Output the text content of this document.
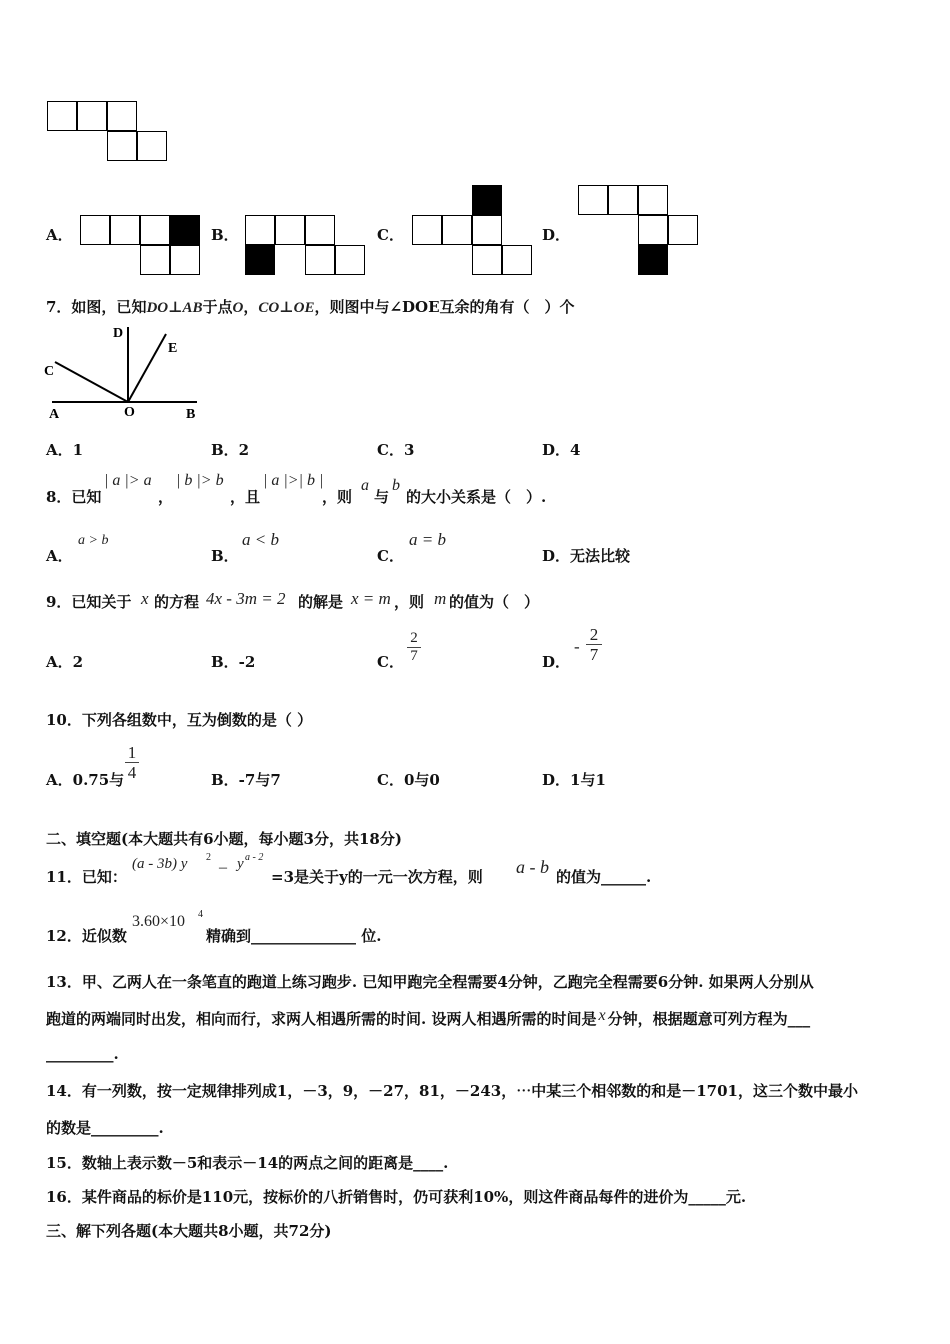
A．	B．	C．	D．
7．如图，已知DO⊥AB于点O，CO⊥OE，则图中与∠DOE互余的角有（　）个
D
E
C
A	O	B
A．1	B．2	C．3	D．4
8．已知
| a |> a
，
| b |> b
，且
| a |>| b |
，则
a
与
b
的大小关系是（　）.
A．
a > b
B．
a < b
C．
a = b
D．无法比较
9．已知关于 x 的方程 4x - 3m = 2 的解是 x = m ，则 m 的值为（　）
A．2	B．-2	C．
2
7	D．
-
2
7
10．下列各组数中，互为倒数的是（ ）
A．0.75与
1
4	B．-7与7	C．0与0	D．1与1
二、填空题(本大题共有6小题，每小题3分，共18分)
11．已知：
(a - 3b) y 2
– y a - 2
=3是关于y的一元一次方程，则 a - b 的值为______.
12．近似数
3.60×10 4
精确到______________ 位.
13．甲、乙两人在一条笔直的跑道上练习跑步. 已知甲跑完全程需要4分钟，乙跑完全程需要6分钟. 如果两人分别从
跑道的两端同时出发，相向而行，求两人相遇所需的时间. 设两人相遇所需的时间是 x 分钟，根据题意可列方程为___
_________.
14．有一列数，按一定规律排列成1，－3，9，－27，81，－243，⋯中某三个相邻数的和是－1701，这三个数中最小
的数是_________.
15．数轴上表示数－5和表示－14的两点之间的距离是____.
16．某件商品的标价是110元，按标价的八折销售时，仍可获利10%，则这件商品每件的进价为_____元.
三、解下列各题(本大题共8小题，共72分)
